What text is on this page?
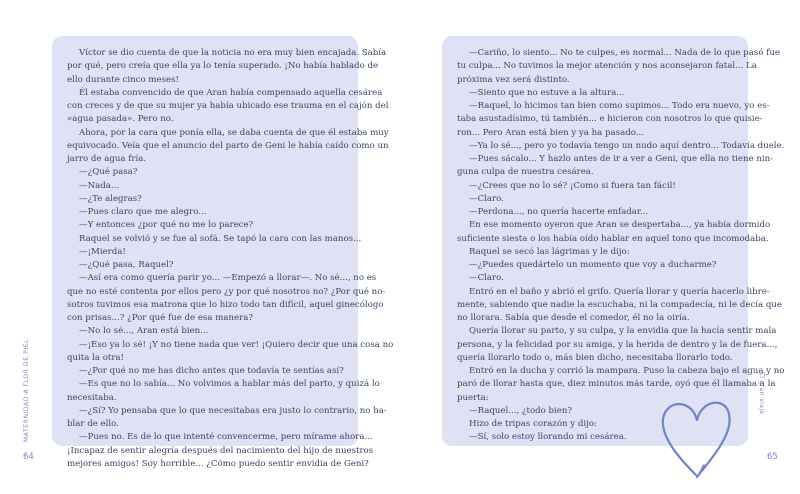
Víctor se dio cuenta de que la noticia no era muy bien encajada. Sabía
por qué, pero creía que ella ya lo tenía superado. ¡No había hablado de
ello durante cinco meses!
Él estaba convencido de que Aran había compensado aquella cesárea
con creces y de que su mujer ya había ubicado ese trauma en el cajón del
«agua pasada». Pero no.
Ahora, por la cara que ponía ella, se daba cuenta de que él estaba muy
equivocado. Veía que el anuncio del parto de Geni le había caído como un
jarro de agua fría.
—¿Qué pasa?
—Nada...
—¿Te alegras?
—Pues claro que me alegro...
—Y entonces ¿por qué no me lo parece?
Raquel se volvió y se fue al sofá. Se tapó la cara con las manos...
—¡Mierda!
—¿Qué pasa, Raquel?
—Así era como quería parir yo... —Empezó a llorar—. No sé..., no es
que no esté contenta por ellos pero ¿y por qué nosotros no? ¿Por qué no-
sotros tuvimos esa matrona que lo hizo todo tan difícil, aquel ginecólogo
con prisas...? ¿Por qué fue de esa manera?
—No lo sé..., Aran está bien...
—¡Eso ya lo sé! ¡Y no tiene nada que ver! ¡Quiero decir que una cosa no
quita la otra!
—¿Por qué no me has dicho antes que todavía te sentías así?
—Es que no lo sabía... No volvimos a hablar más del parto, y quizá lo
necesitaba.
—¿Sí? Yo pensaba que lo que necesitabas era justo lo contrario, no ha-
blar de ello.
—Pues no. Es de lo que intenté convencerme, pero mírame ahora...
¡Incapaz de sentir alegría después del nacimiento del hijo de nuestros
mejores amigos! Soy horrible... ¿Cómo puedo sentir envidia de Geni?
MATERNIDAD A FLOR DE PIEL
64
—Cariño, lo siento... No te culpes, es normal... Nada de lo que pasó fue
tu culpa... No tuvimos la mejor atención y nos aconsejaron fatal... La
próxima vez será distinto.
—Siento que no estuve a la altura...
—Raquel, lo hicimos tan bien como supimos... Todo era nuevo, yo es-
taba asustadísimo, tú también... e hicieron con nosotros lo que quisie-
ron... Pero Aran está bien y ya ha pasado...
—Ya lo sé..., pero yo todavía tengo un nudo aquí dentro... Todavía duele.
—Pues sácalo... Y hazlo antes de ir a ver a Geni, que ella no tiene nin-
guna culpa de nuestra cesárea.
—¿Crees que no lo sé? ¡Como si fuera tan fácil!
—Claro.
—Perdona..., no quería hacerte enfadar...
En ese momento oyeron que Aran se despertaba..., ya había dormido
suficiente siesta o los había oído hablar en aquel tono que incomodaba.
Raquel se secó las lágrimas y le dijo:
—¿Puedes quedártelo un momento que voy a ducharme?
—Claro.
Entró en el baño y abrió el grifo. Quería llorar y quería hacerlo libre-
mente, sabiendo que nadie la escuchaba, ni la compadecía, ni le decía que
no llorara. Sabía que desde el comedor, él no la oiría.
Quería llorar su parto, y su culpa, y la envidia que la hacía sentir mala
persona, y la felicidad por su amiga, y la herida de dentro y la de fuera...,
quería llorarlo todo o, más bien dicho, necesitaba llorarlo todo.
Entró en la ducha y corrió la mampara. Puso la cabeza bajo el agua y no
paró de llorar hasta que, diez minutos más tarde, oyó que él llamaba a la
puerta:
—Raquel..., ¿todo bien?
Hizo de tripas corazón y dijo:
—Sí, solo estoy llorando mi cesárea.
El gran viaje
65
